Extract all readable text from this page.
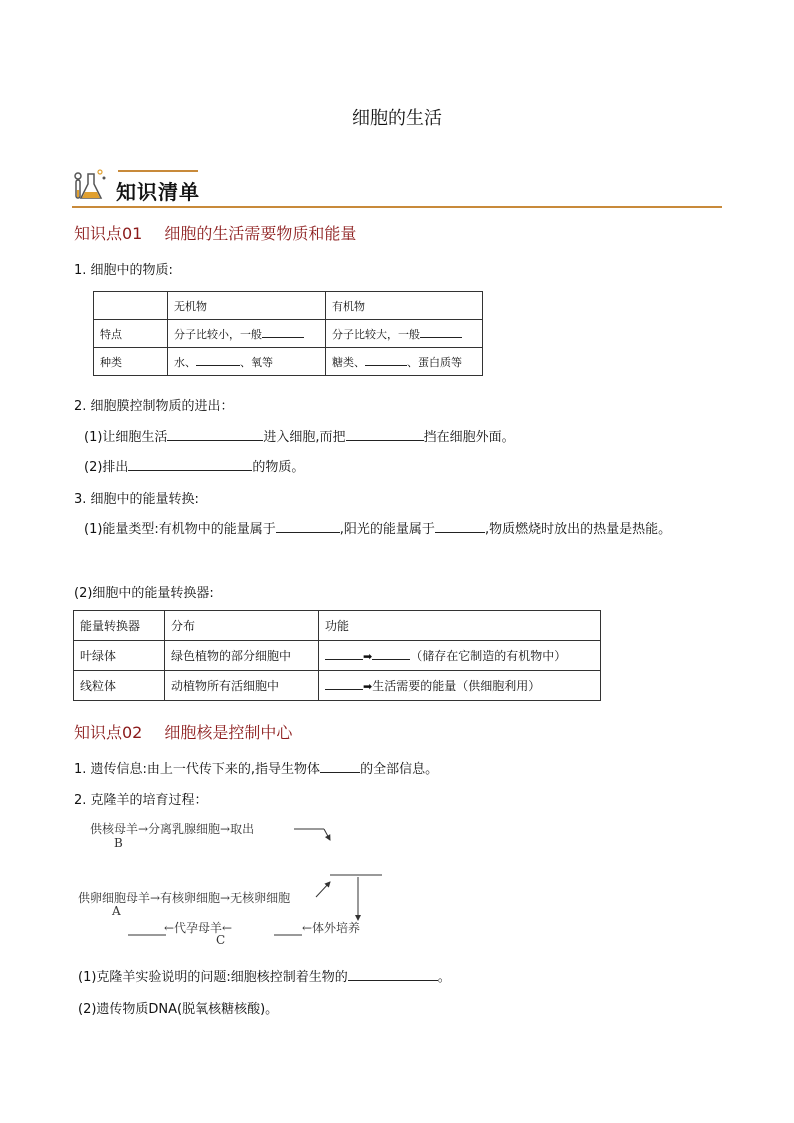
细胞的生活
知识清单
知识点01 细胞的生活需要物质和能量
1. 细胞中的物质:
	无机物	有机物
特点	分子比较小，一般	分子比较大，一般
种类	水、 、氧等	糖类、 、蛋白质等
2. 细胞膜控制物质的进出：
(1)让细胞生活	进入细胞,而把	挡在细胞外面。
(2)排出	的物质。
3. 细胞中的能量转换:
(1)能量类型:有机物中的能量属于	,阳光的能量属于	,物质燃烧时放出的热量是热能。
(2)细胞中的能量转换器:
能量转换器	分布	功能
叶绿体	绿色植物的部分细胞中	➡ （储存在它制造的有机物中）
线粒体	动植物所有活细胞中	➡生活需要的能量（供细胞利用）
知识点02 细胞核是控制中心
1. 遗传信息:由上一代传下来的,指导生物体	的全部信息。
2. 克隆羊的培育过程：
供核母羊→分离乳腺细胞→取出
B
供卵细胞母羊→有核卵细胞→无核卵细胞
A
←代孕母羊←	←体外培养
C
(1)克隆羊实验说明的问题:细胞核控制着生物的	。
(2)遗传物质DNA(脱氧核糖核酸)。
